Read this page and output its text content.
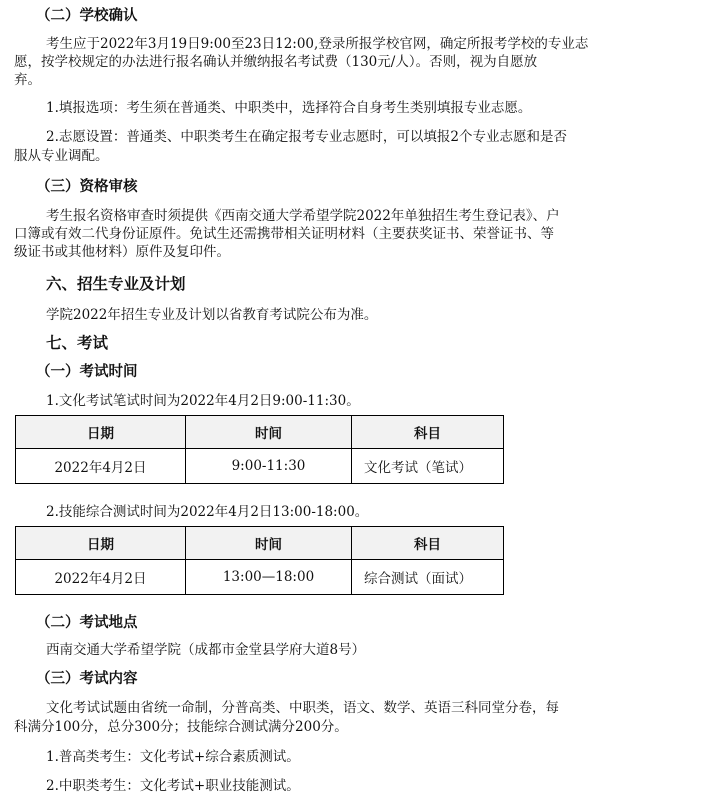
（二）学校确认
考生应于2022年3月19日9:00至23日12:00,登录所报学校官网，确定所报考学校的专业志
愿，按学校规定的办法进行报名确认并缴纳报名考试费（130元/人）。否则，视为自愿放
弃。
1.填报选项：考生须在普通类、中职类中，选择符合自身考生类别填报专业志愿。
2.志愿设置：普通类、中职类考生在确定报考专业志愿时，可以填报2个专业志愿和是否
服从专业调配。
（三）资格审核
考生报名资格审查时须提供《西南交通大学希望学院2022年单独招生考生登记表》、户
口簿或有效二代身份证原件。免试生还需携带相关证明材料（主要获奖证书、荣誉证书、等
级证书或其他材料）原件及复印件。
六、招生专业及计划
学院2022年招生专业及计划以省教育考试院公布为准。
七、考试
（一）考试时间
1.文化考试笔试时间为2022年4月2日9:00-11:30。
日期	时间	科目
2022年4月2日	9:00-11:30	文化考试（笔试）
2.技能综合测试时间为2022年4月2日13:00-18:00。
日期	时间	科目
2022年4月2日	13:00—18:00	综合测试（面试）
（二）考试地点
西南交通大学希望学院（成都市金堂县学府大道8号）
（三）考试内容
文化考试试题由省统一命制，分普高类、中职类，语文、数学、英语三科同堂分卷，每
科满分100分，总分300分；技能综合测试满分200分。
1.普高类考生：文化考试+综合素质测试。
2.中职类考生：文化考试+职业技能测试。
